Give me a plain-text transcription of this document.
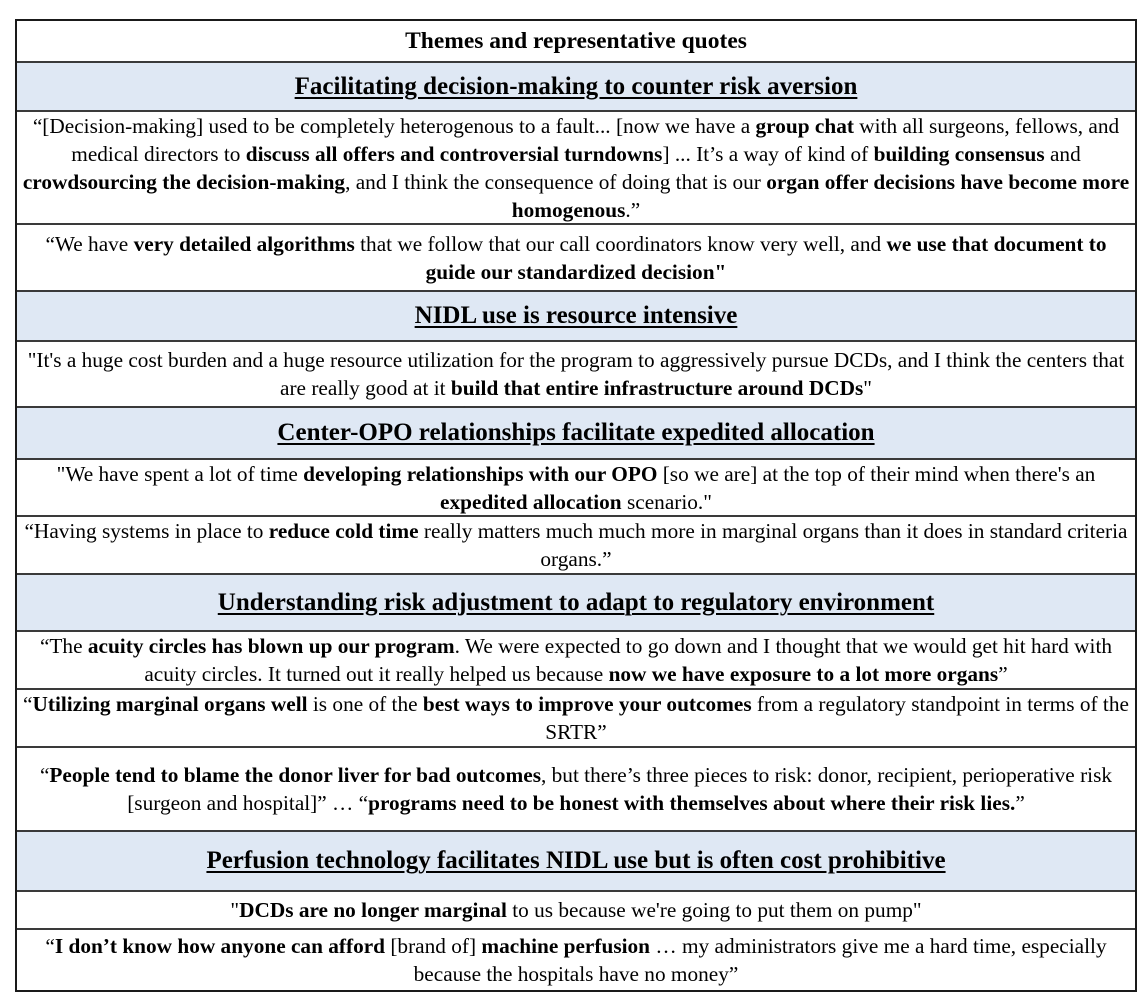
Themes and representative quotes
Facilitating decision-making to counter risk aversion
“[Decision-making] used to be completely heterogenous to a fault... [now we have a group chat with all surgeons, fellows, and medical directors to discuss all offers and controversial turndowns] ... It’s a way of kind of building consensus and crowdsourcing the decision-making, and I think the consequence of doing that is our organ offer decisions have become more homogenous.”
“We have very detailed algorithms that we follow that our call coordinators know very well, and we use that document to guide our standardized decision"
NIDL use is resource intensive
"It's a huge cost burden and a huge resource utilization for the program to aggressively pursue DCDs, and I think the centers that are really good at it build that entire infrastructure around DCDs"
Center-OPO relationships facilitate expedited allocation
"We have spent a lot of time developing relationships with our OPO [so we are] at the top of their mind when there's an expedited allocation scenario."
“Having systems in place to reduce cold time really matters much much more in marginal organs than it does in standard criteria organs.”
Understanding risk adjustment to adapt to regulatory environment
“The acuity circles has blown up our program. We were expected to go down and I thought that we would get hit hard with acuity circles. It turned out it really helped us because now we have exposure to a lot more organs”
“Utilizing marginal organs well is one of the best ways to improve your outcomes from a regulatory standpoint in terms of the SRTR”
“People tend to blame the donor liver for bad outcomes, but there’s three pieces to risk: donor, recipient, perioperative risk [surgeon and hospital]” … “programs need to be honest with themselves about where their risk lies.”
Perfusion technology facilitates NIDL use but is often cost prohibitive
"DCDs are no longer marginal to us because we're going to put them on pump"
“I don’t know how anyone can afford [brand of] machine perfusion … my administrators give me a hard time, especially because the hospitals have no money”
